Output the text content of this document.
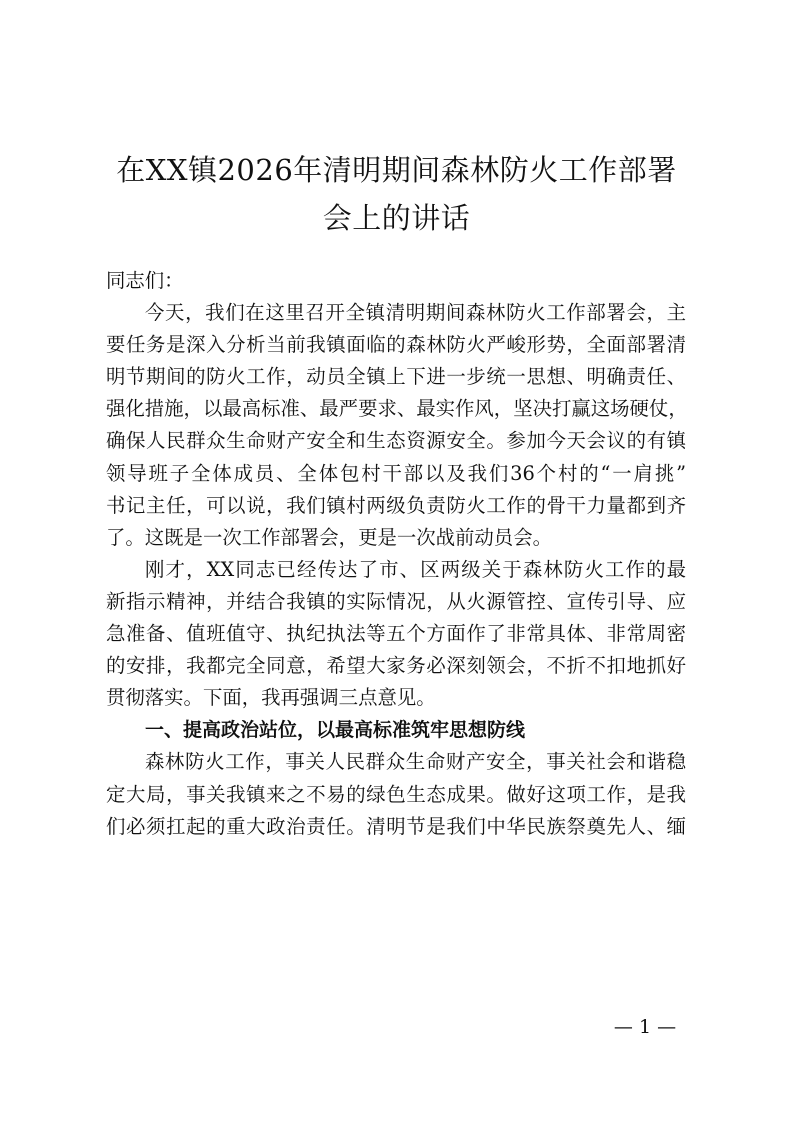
在XX镇2026年清明期间森林防火工作部署
会上的讲话

同志们：

今天，我们在这里召开全镇清明期间森林防火工作部署会，主
要任务是深入分析当前我镇面临的森林防火严峻形势，全面部署清
明节期间的防火工作，动员全镇上下进一步统一思想、明确责任、
强化措施，以最高标准、最严要求、最实作风，坚决打赢这场硬仗，
确保人民群众生命财产安全和生态资源安全。参加今天会议的有镇
领导班子全体成员、全体包村干部以及我们36个村的“一肩挑”
书记主任，可以说，我们镇村两级负责防火工作的骨干力量都到齐
了。这既是一次工作部署会，更是一次战前动员会。

刚才，XX同志已经传达了市、区两级关于森林防火工作的最
新指示精神，并结合我镇的实际情况，从火源管控、宣传引导、应
急准备、值班值守、执纪执法等五个方面作了非常具体、非常周密
的安排，我都完全同意，希望大家务必深刻领会，不折不扣地抓好
贯彻落实。下面，我再强调三点意见。

一、提高政治站位，以最高标准筑牢思想防线

森林防火工作，事关人民群众生命财产安全，事关社会和谐稳
定大局，事关我镇来之不易的绿色生态成果。做好这项工作，是我
们必须扛起的重大政治责任。清明节是我们中华民族祭奠先人、缅

— 1 —
